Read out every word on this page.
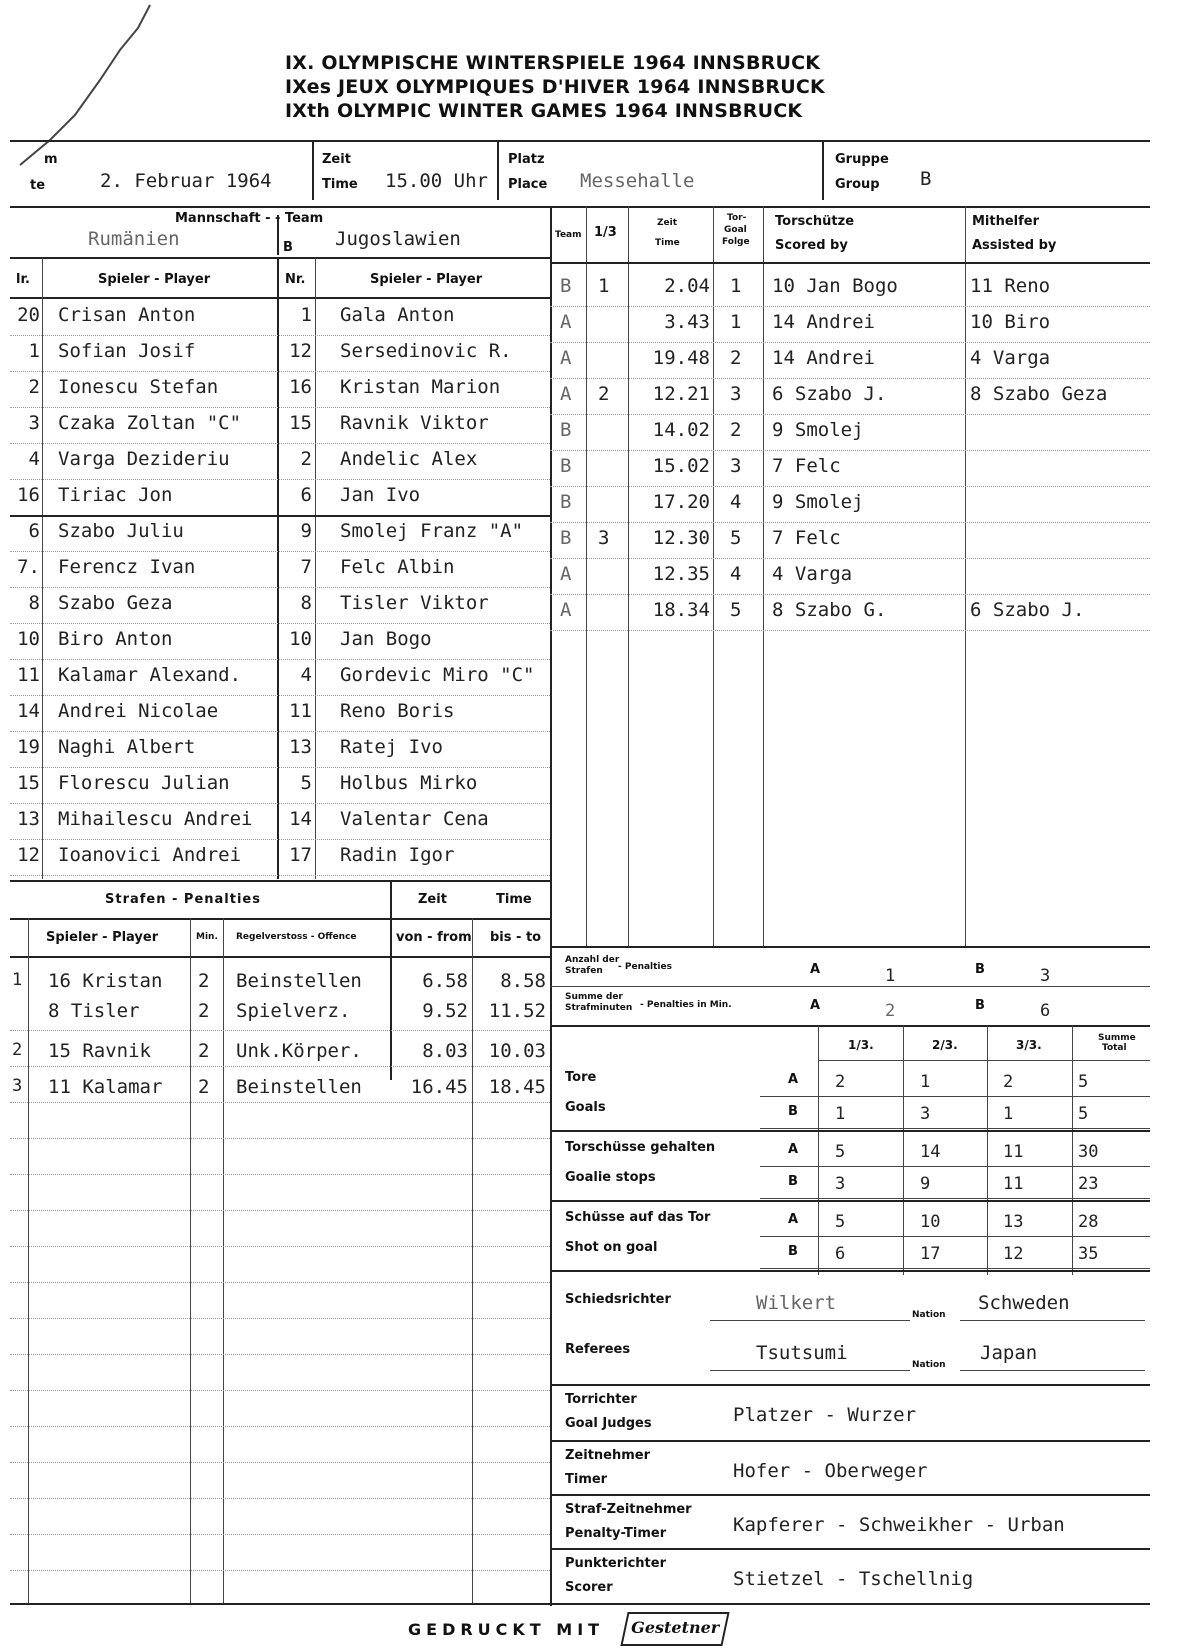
IX. OLYMPISCHE WINTERSPIELE 1964 INNSBRUCK
IXes JEUX OLYMPIQUES D'HIVER 1964 INNSBRUCK
IXth OLYMPIC WINTER GAMES 1964 INNSBRUCK
m
te	2. Februar 1964
Zeit
Time 15.00 Uhr
Platz
Place Messehalle
Gruppe
Group B
Mannschaft - - Team
Rumänien	B Jugoslawien
lr.	Spieler - Player	Nr.	Spieler - Player
20 Crisan Anton	1 Gala Anton
1 Sofian Josif	12 Sersedinovic R.
2 Ionescu Stefan	16 Kristan Marion
3 Czaka Zoltan "C"	15 Ravnik Viktor
4 Varga Dezideriu	2 Andelic Alex
16 Tiriac Jon	6 Jan Ivo
6 Szabo Juliu	9 Smolej Franz "A"
7. Ferencz Ivan	7 Felc Albin
8 Szabo Geza	8 Tisler Viktor
10 Biro Anton	10 Jan Bogo
11 Kalamar Alexand.	4 Gordevic Miro "C"
14 Andrei Nicolae	11 Reno Boris
19 Naghi Albert	13 Ratej Ivo
15 Florescu Julian	5 Holbus Mirko
13 Mihailescu Andrei	14 Valentar Cena
12 Ioanovici Andrei	17 Radin Igor
Team 1/3
Zeit
Time
Tor-
Goal
Folge
Torschütze
Scored by
Mithelfer
Assisted by
B 1	2.04 1 10 Jan Bogo	11 Reno
A	3.43 1 14 Andrei	10 Biro
A	19.48 2 14 Andrei	4 Varga
A 2	12.21 3 6 Szabo J.	8 Szabo Geza
B	14.02 2 9 Smolej
B	15.02 3 7 Felc
B	17.20 4 9 Smolej
B 3	12.30 5 7 Felc
A	12.35 4 4 Varga
A	18.34 5 8 Szabo G.	6 Szabo J.
Strafen - Penalties	Zeit	Time
Spieler - Player	Min. Regelverstoss - Offence	von - from bis - to
1 16 Kristan 2 Beinstellen	6.58	8.58
8 Tisler	2 Spielverz.	9.52	11.52
2 15 Ravnik 2 Unk.Körper.	8.03	10.03
3 11 Kalamar 2 Beinstellen	16.45	18.45
Anzahl der
Strafen - Penalties	A	1	B	3
Summe der
Strafminuten - Penalties in Min.	A	2	B	6
1/3.	2/3.	3/3.	Summe
Total
Tore
Goals
A 2	1	2	5
B 1	3	1	5
Torschüsse gehalten
Goalie stops
A 5	14	11	30
B 3	9	11	23
Schüsse auf das Tor
Shot on goal
A 5	10	13	28
B 6	17	12	35
Schiedsrichter	Wilkert
Nation
Schweden
Referees	Tsutsumi
Nation
Japan
Torrichter
Goal Judges	Platzer - Wurzer
Zeitnehmer
Timer	Hofer - Oberweger
Straf-Zeitnehmer
Penalty-Timer	Kapferer - Schweikher - Urban
Punkterichter
Scorer	Stietzel - Tschellnig
GEDRUCKT MIT	Gestetner
